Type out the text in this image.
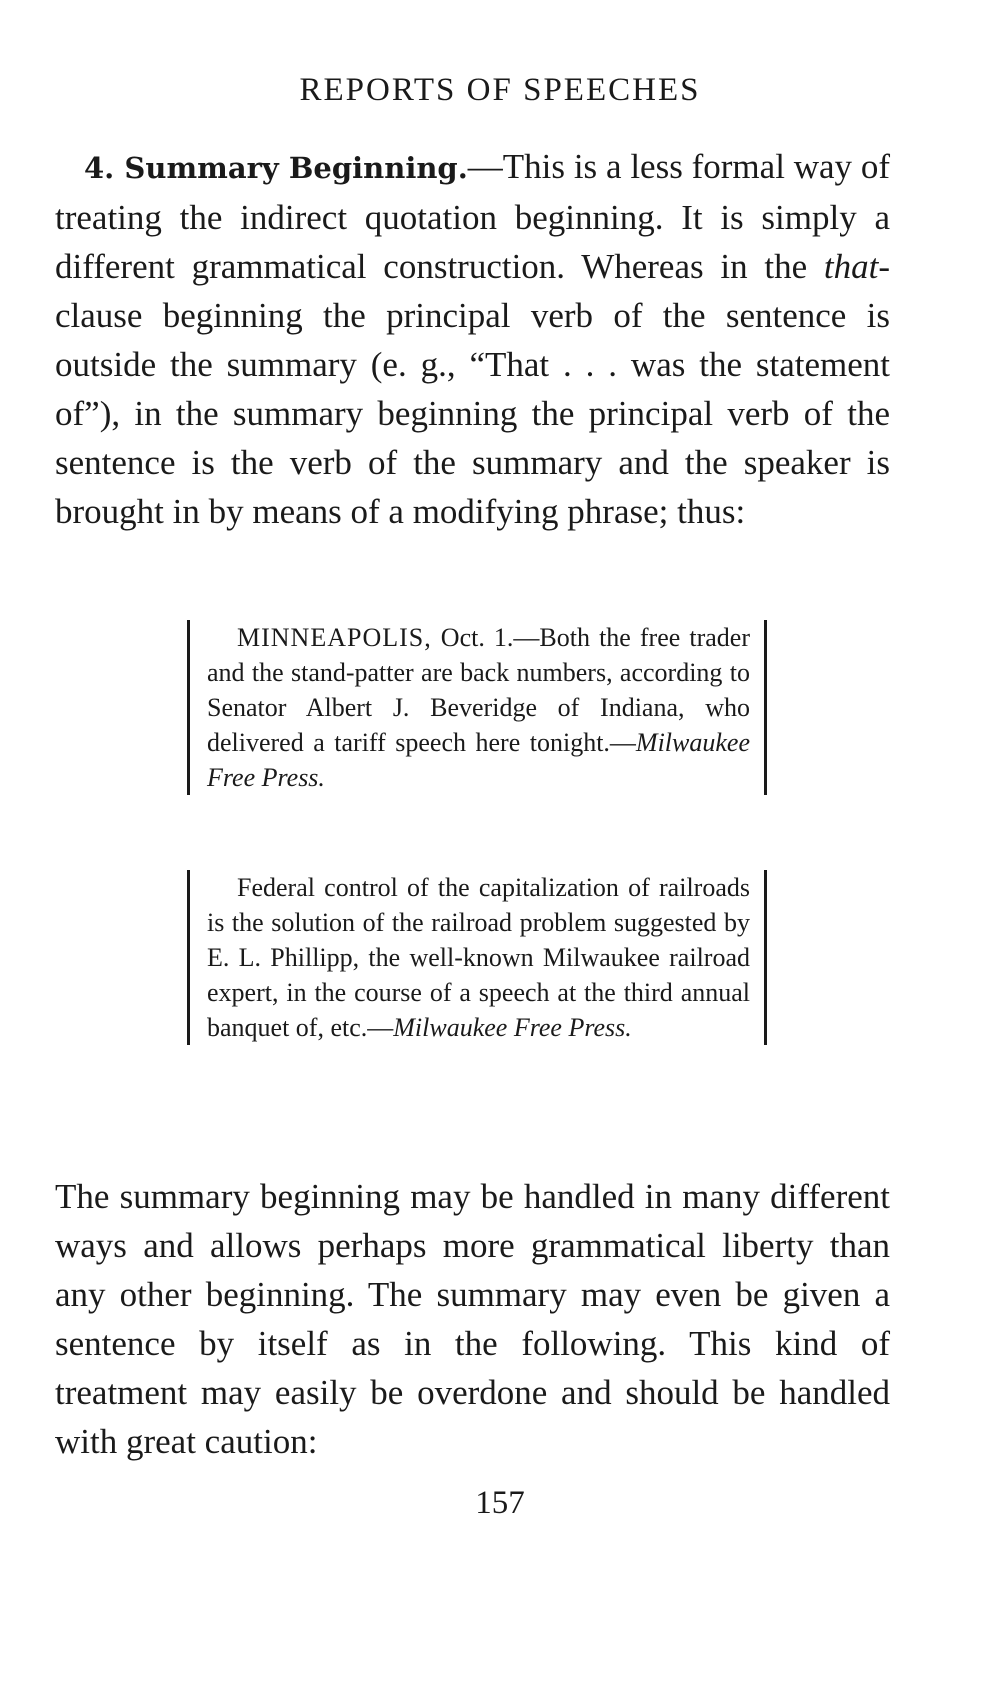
REPORTS OF SPEECHES

4. Summary Beginning.—This is a less formal way of treating the indirect quotation beginning. It is simply a different grammatical construction. Whereas in the that-clause beginning the principal verb of the sentence is outside the summary (e. g., “That . . . was the statement of”), in the summary beginning the principal verb of the sentence is the verb of the summary and the speaker is brought in by means of a modifying phrase; thus:

MINNEAPOLIS, Oct. 1.—Both the free trader and the stand-patter are back numbers, according to Senator Albert J. Beveridge of Indiana, who delivered a tariff speech here tonight.—Milwaukee Free Press.
Federal control of the capitalization of railroads is the solution of the railroad problem suggested by E. L. Phillipp, the well-known Milwaukee railroad expert, in the course of a speech at the third annual banquet of, etc.—Milwaukee Free Press.

The summary beginning may be handled in many different ways and allows perhaps more grammatical liberty than any other beginning. The summary may even be given a sentence by itself as in the following. This kind of treatment may easily be overdone and should be handled with great caution:

157
